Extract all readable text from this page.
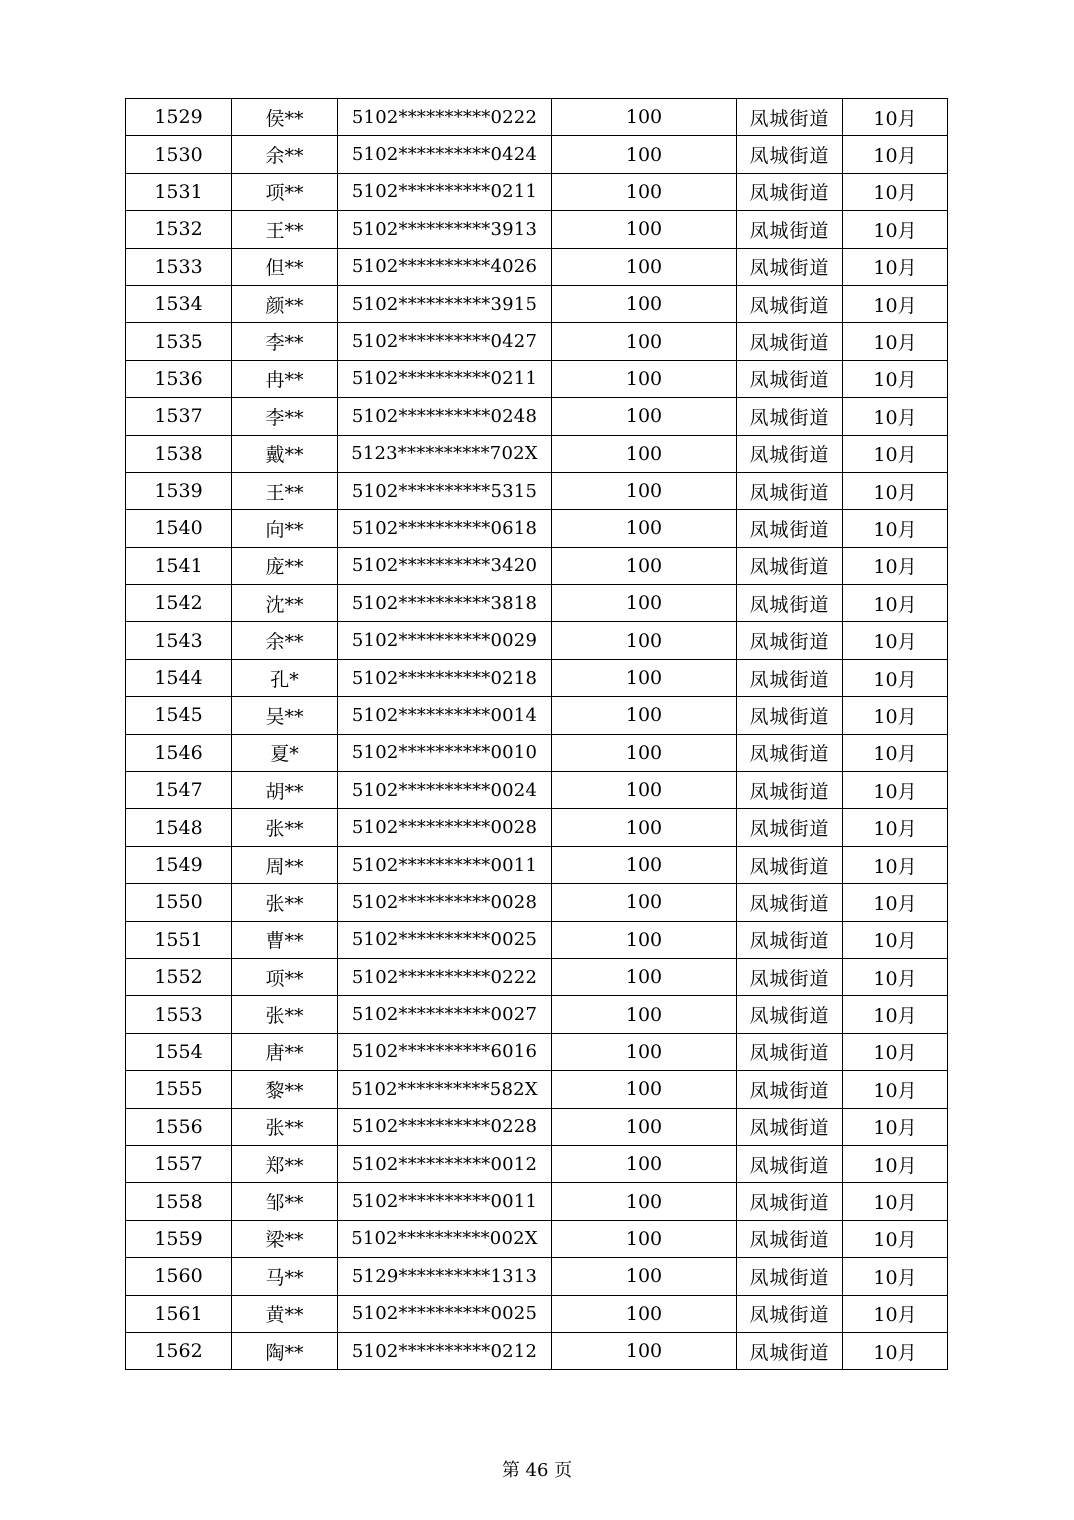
1529	侯**	5102**********0222	100	凤城街道	10月
1530	余**	5102**********0424	100	凤城街道	10月
1531	项**	5102**********0211	100	凤城街道	10月
1532	王**	5102**********3913	100	凤城街道	10月
1533	但**	5102**********4026	100	凤城街道	10月
1534	颜**	5102**********3915	100	凤城街道	10月
1535	李**	5102**********0427	100	凤城街道	10月
1536	冉**	5102**********0211	100	凤城街道	10月
1537	李**	5102**********0248	100	凤城街道	10月
1538	戴**	5123**********702X	100	凤城街道	10月
1539	王**	5102**********5315	100	凤城街道	10月
1540	向**	5102**********0618	100	凤城街道	10月
1541	庞**	5102**********3420	100	凤城街道	10月
1542	沈**	5102**********3818	100	凤城街道	10月
1543	余**	5102**********0029	100	凤城街道	10月
1544	孔*	5102**********0218	100	凤城街道	10月
1545	吴**	5102**********0014	100	凤城街道	10月
1546	夏*	5102**********0010	100	凤城街道	10月
1547	胡**	5102**********0024	100	凤城街道	10月
1548	张**	5102**********0028	100	凤城街道	10月
1549	周**	5102**********0011	100	凤城街道	10月
1550	张**	5102**********0028	100	凤城街道	10月
1551	曹**	5102**********0025	100	凤城街道	10月
1552	项**	5102**********0222	100	凤城街道	10月
1553	张**	5102**********0027	100	凤城街道	10月
1554	唐**	5102**********6016	100	凤城街道	10月
1555	黎**	5102**********582X	100	凤城街道	10月
1556	张**	5102**********0228	100	凤城街道	10月
1557	郑**	5102**********0012	100	凤城街道	10月
1558	邹**	5102**********0011	100	凤城街道	10月
1559	梁**	5102**********002X	100	凤城街道	10月
1560	马**	5129**********1313	100	凤城街道	10月
1561	黄**	5102**********0025	100	凤城街道	10月
1562	陶**	5102**********0212	100	凤城街道	10月
第 46 页
